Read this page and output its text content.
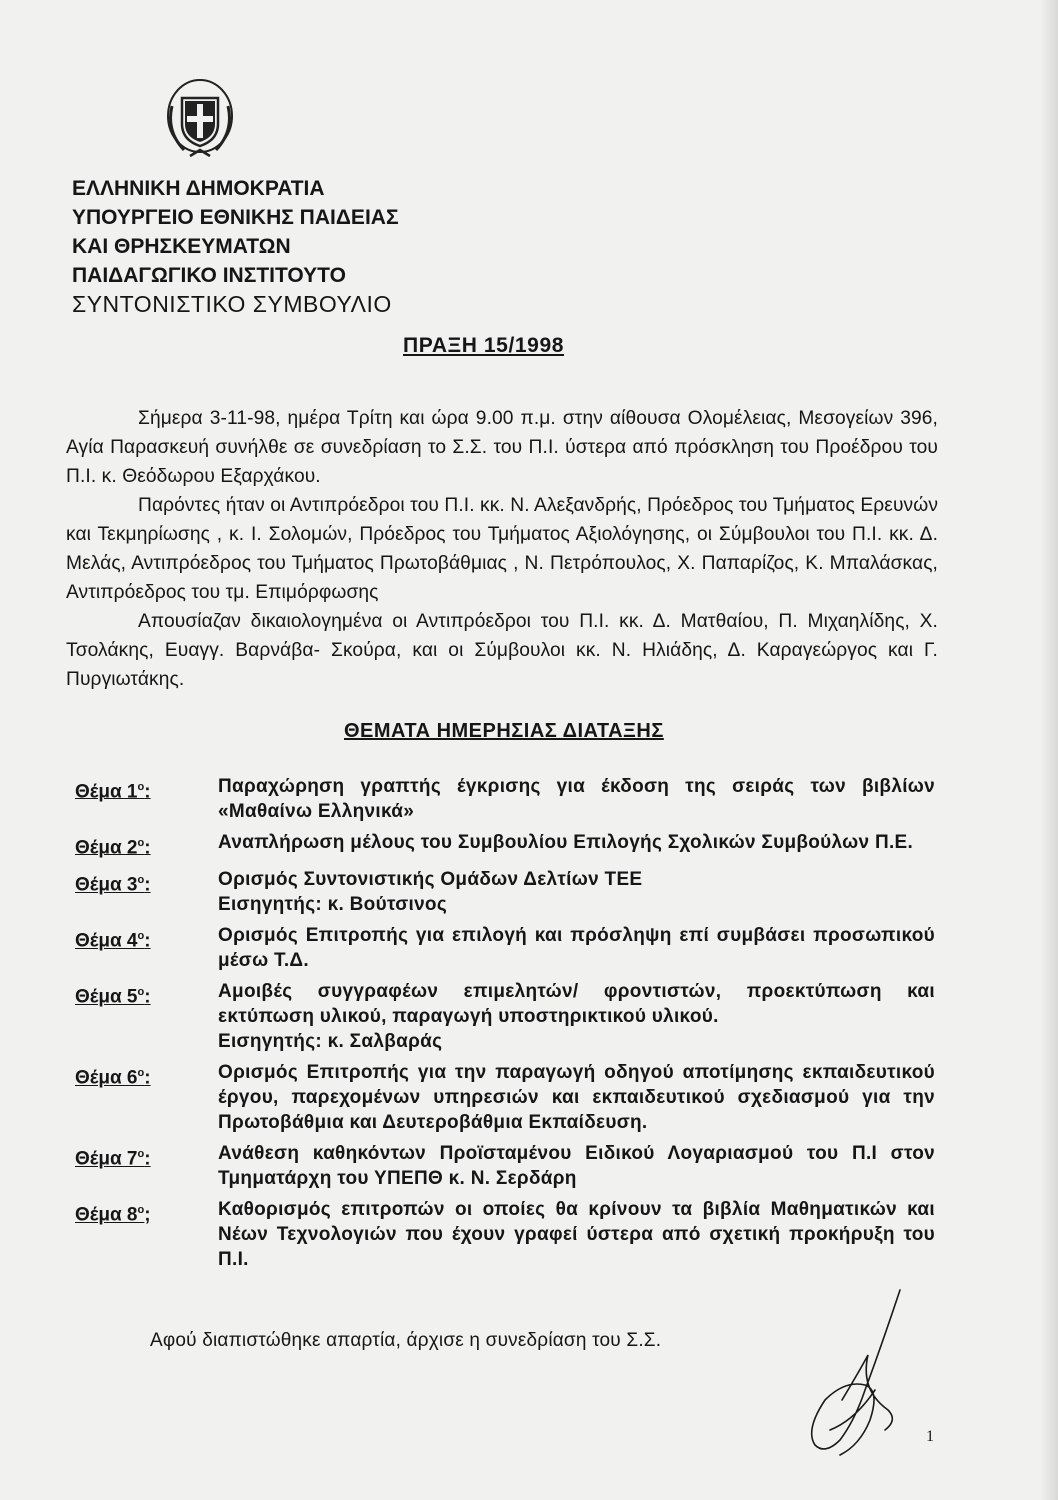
ΕΛΛΗΝΙΚΗ ΔΗΜΟΚΡΑΤΙΑ
ΥΠΟΥΡΓΕΙΟ ΕΘΝΙΚΗΣ ΠΑΙΔΕΙΑΣ
ΚΑΙ ΘΡΗΣΚΕΥΜΑΤΩΝ
ΠΑΙΔΑΓΩΓΙΚΟ ΙΝΣΤΙΤΟΥΤΟ
ΣΥΝΤΟΝΙΣΤΙΚΟ ΣΥΜΒΟΥΛΙΟ
ΠΡΑΞΗ 15/1998

Σήμερα 3-11-98, ημέρα Τρίτη και ώρα 9.00 π.μ. στην αίθουσα Ολομέλειας, Μεσογείων 396, Αγία Παρασκευή συνήλθε σε συνεδρίαση το Σ.Σ. του Π.Ι. ύστερα από πρόσκληση του Προέδρου του Π.Ι. κ. Θεόδωρου Εξαρχάκου.

Παρόντες ήταν οι Αντιπρόεδροι του Π.Ι. κκ. Ν. Αλεξανδρής, Πρόεδρος του Τμήματος Ερευνών και Τεκμηρίωσης , κ. Ι. Σολομών, Πρόεδρος του Τμήματος Αξιολόγησης, οι Σύμβουλοι του Π.Ι. κκ. Δ. Μελάς, Αντιπρόεδρος του Τμήματος Πρωτοβάθμιας , Ν. Πετρόπουλος, Χ. Παπαρίζος, Κ. Μπαλάσκας, Αντιπρόεδρος του τμ. Επιμόρφωσης

Απουσίαζαν δικαιολογημένα οι Αντιπρόεδροι του Π.Ι. κκ. Δ. Ματθαίου, Π. Μιχαηλίδης, Χ. Τσολάκης, Ευαγγ. Βαρνάβα- Σκούρα, και οι Σύμβουλοι κκ. Ν. Ηλιάδης, Δ. Καραγεώργος και Γ. Πυργιωτάκης.

ΘΕΜΑΤΑ ΗΜΕΡΗΣΙΑΣ ΔΙΑΤΑΞΗΣ
Θέμα $1^o$:	Παραχώρηση γραπτής έγκρισης για έκδοση της σειράς των βιβλίων «Μαθαίνω Ελληνικά»
Θέμα $2^o$:	Αναπλήρωση μέλους του Συμβουλίου Επιλογής Σχολικών Συμβούλων Π.Ε.
Θέμα $3^o$:	Ορισμός Συντονιστικής Ομάδων Δελτίων ΤΕΕ
Εισηγητής: κ. Βούτσινος
Θέμα $4^o$:	Ορισμός Επιτροπής για επιλογή και πρόσληψη επί συμβάσει προσωπικού μέσω Τ.Δ.
Θέμα $5^o$:	Αμοιβές συγγραφέων επιμελητών/ φροντιστών, προεκτύπωση και εκτύπωση υλικού, παραγωγή υποστηρικτικού υλικού.
Εισηγητής: κ. Σαλβαράς
Θέμα $6^o$:	Ορισμός Επιτροπής για την παραγωγή οδηγού αποτίμησης εκπαιδευτικού έργου, παρεχομένων υπηρεσιών και εκπαιδευτικού σχεδιασμού για την Πρωτοβάθμια και Δευτεροβάθμια Εκπαίδευση.
Θέμα $7^o$:	Ανάθεση καθηκόντων Προϊσταμένου Ειδικού Λογαριασμού του Π.Ι στον Τμηματάρχη του ΥΠΕΠΘ κ. Ν. Σερδάρη
Θέμα $8^o$;	Καθορισμός επιτροπών οι οποίες θα κρίνουν τα βιβλία Μαθηματικών και Νέων Τεχνολογιών που έχουν γραφεί ύστερα από σχετική προκήρυξη του Π.Ι.
Αφού διαπιστώθηκε απαρτία, άρχισε η συνεδρίαση του Σ.Σ.
1
